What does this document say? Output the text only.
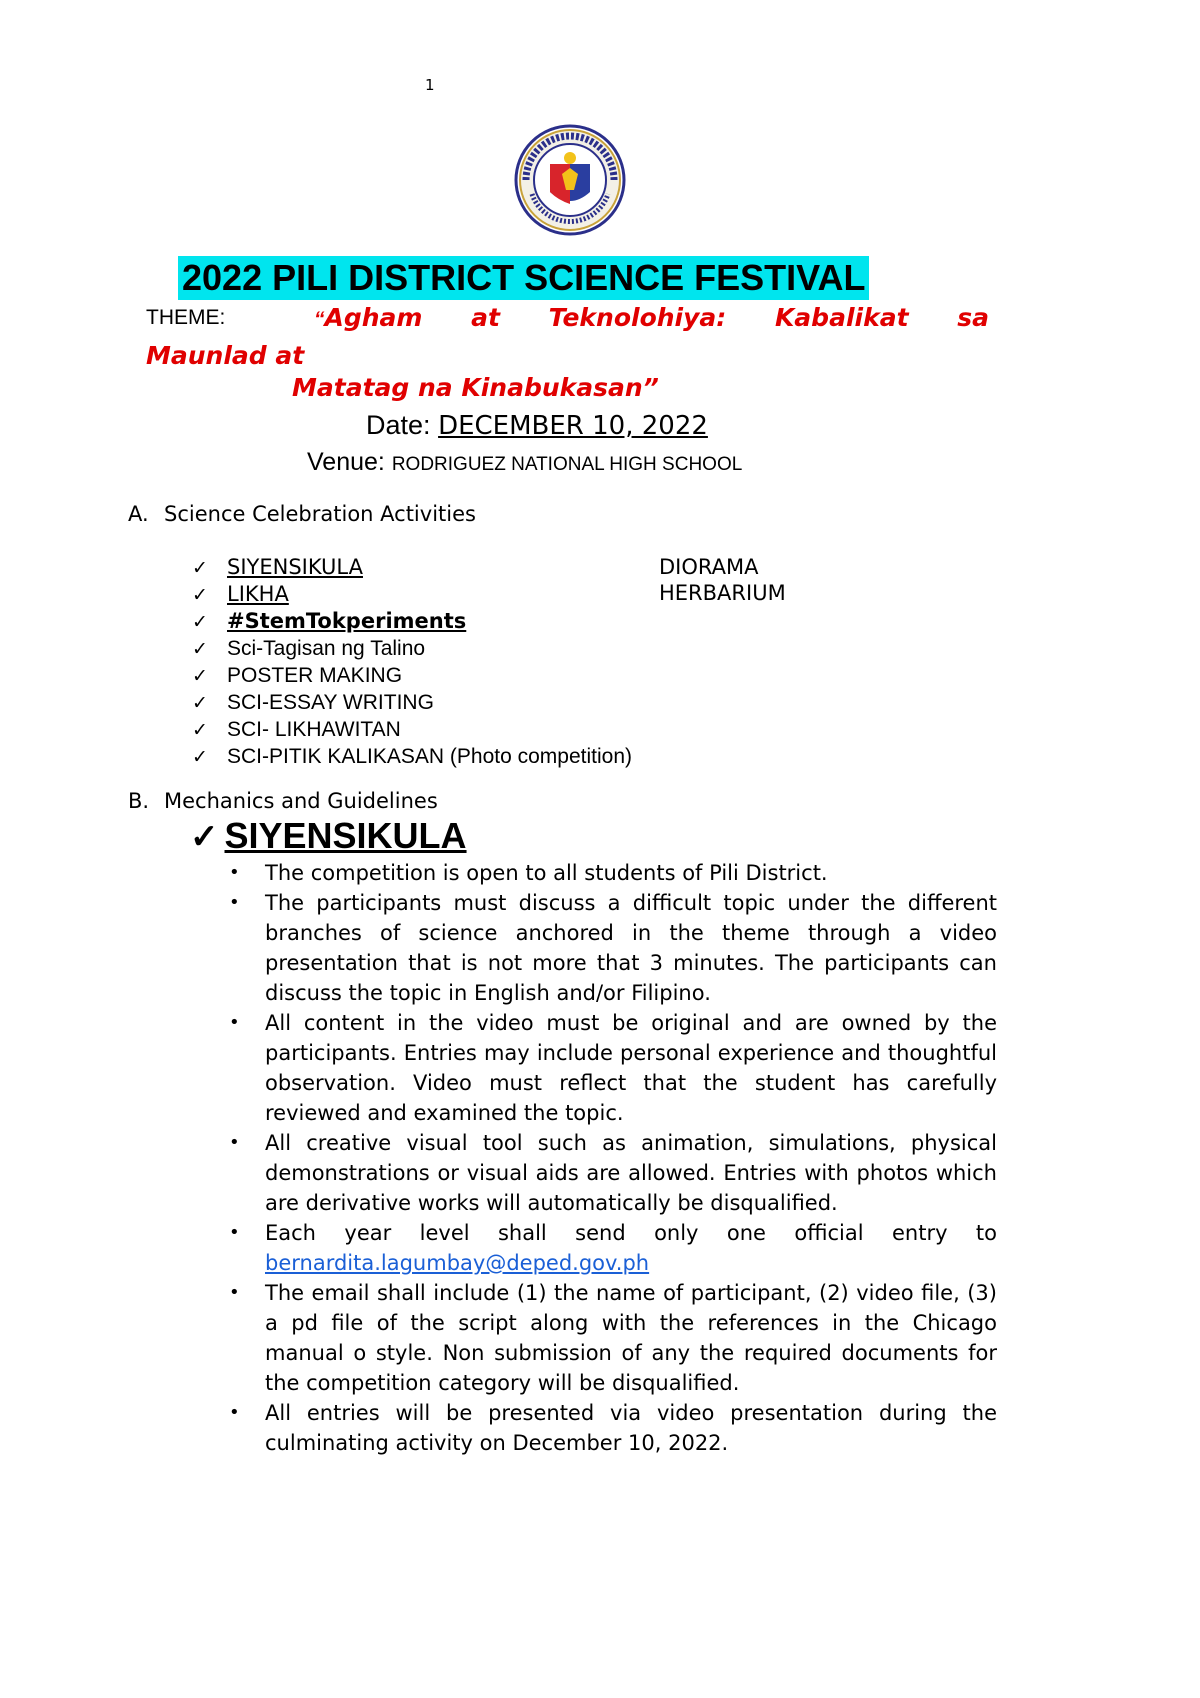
1
2022 PILI DISTRICT SCIENCE FESTIVAL
THEME:	“Agham at Teknolohiya: Kabalikat sa
Maunlad at
Matatag na Kinabukasan”
Date: DECEMBER 10, 2022
Venue: RODRIGUEZ NATIONAL HIGH SCHOOL
A. Science Celebration Activities
✓ SIYENSIKULA
✓ LIKHA
✓ #StemTokperiments
✓ Sci-Tagisan ng Talino
✓ POSTER MAKING
✓ SCI-ESSAY WRITING
✓ SCI- LIKHAWITAN
✓ SCI-PITIK KALIKASAN (Photo competition)
DIORAMA
HERBARIUM
B. Mechanics and Guidelines
✓ SIYENSIKULA
•	The competition is open to all students of Pili District.
•	The participants must discuss a difficult topic under the different branches of science anchored in the theme through a video presentation that is not more that 3 minutes. The participants can discuss the topic in English and/or Filipino.
•	All content in the video must be original and are owned by the participants. Entries may include personal experience and thoughtful observation. Video must reflect that the student has carefully reviewed and examined the topic.
•	All creative visual tool such as animation, simulations, physical demonstrations or visual aids are allowed. Entries with photos which are derivative works will automatically be disqualified.
•	Each year level shall send only one official entry to
bernardita.lagumbay@deped.gov.ph
•	The email shall include (1) the name of participant, (2) video file, (3) a pd file of the script along with the references in the Chicago manual o style. Non submission of any the required documents for the competition category will be disqualified.
•	All entries will be presented via video presentation during the culminating activity on December 10, 2022.
